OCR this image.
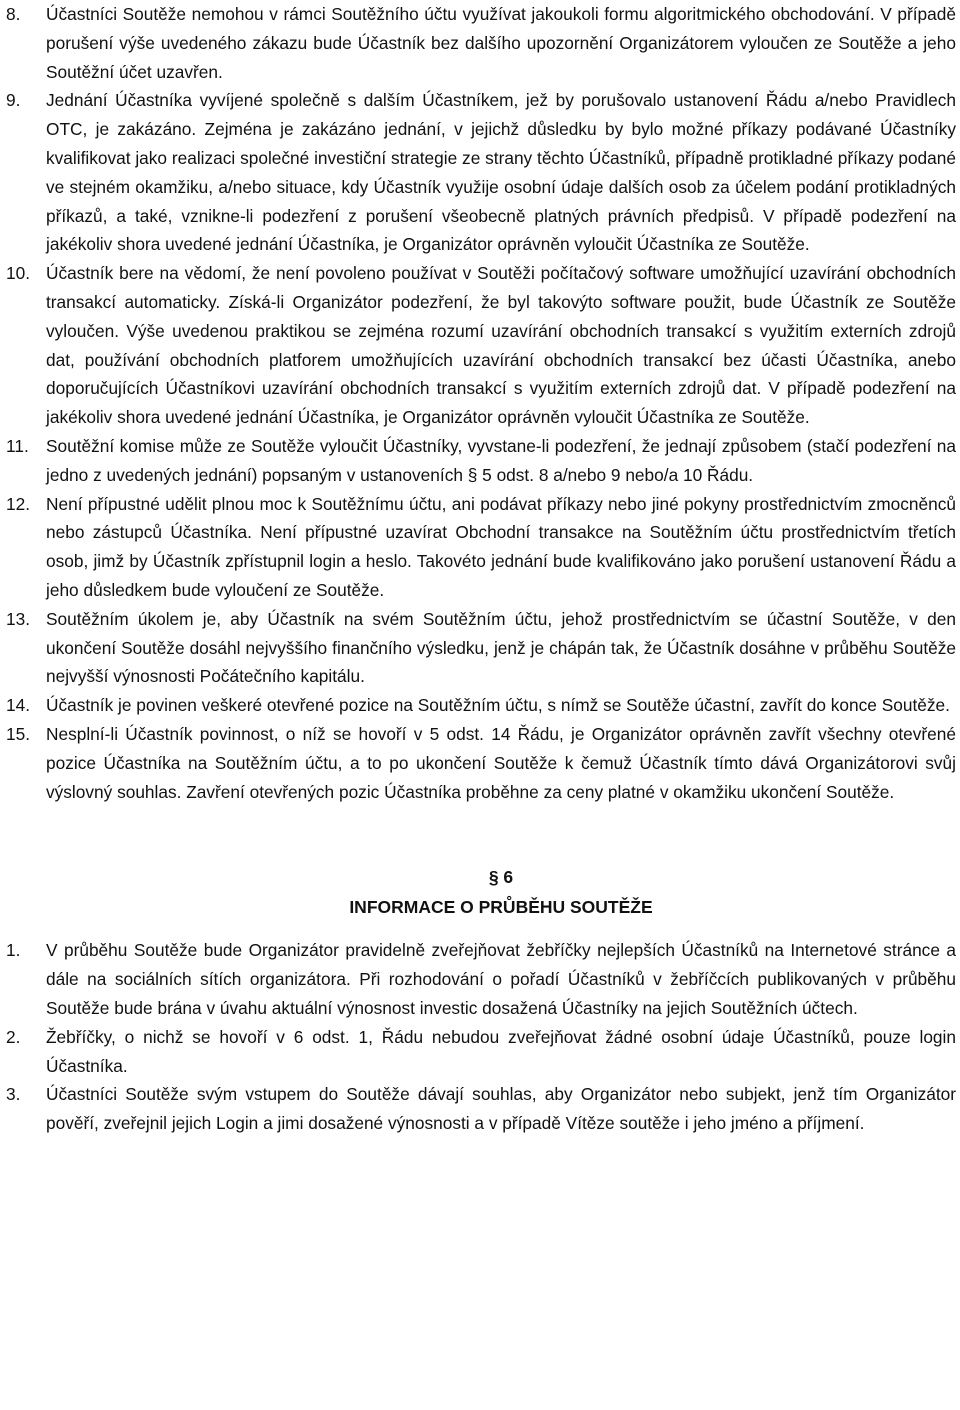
8.	Účastníci Soutěže nemohou v rámci Soutěžního účtu využívat jakoukoli formu algoritmického obchodování. V případě porušení výše uvedeného zákazu bude Účastník bez dalšího upozornění Organizátorem vyloučen ze Soutěže a jeho Soutěžní účet uzavřen.
9.	Jednání Účastníka vyvíjené společně s dalším Účastníkem, jež by porušovalo ustanovení Řádu a/nebo Pravidlech OTC, je zakázáno. Zejména je zakázáno jednání, v jejichž důsledku by bylo možné příkazy podávané Účastníky kvalifikovat jako realizaci společné investiční strategie ze strany těchto Účastníků, případně protikladné příkazy podané ve stejném okamžiku, a/nebo situace, kdy Účastník využije osobní údaje dalších osob za účelem podání protikladných příkazů, a také, vznikne-li podezření z porušení všeobecně platných právních předpisů. V případě podezření na jakékoliv shora uvedené jednání Účastníka, je Organizátor oprávněn vyloučit Účastníka ze Soutěže.
10. Účastník bere na vědomí, že není povoleno používat v Soutěži počítačový software umožňující uzavírání obchodních transakcí automaticky. Získá-li Organizátor podezření, že byl takovýto software použit, bude Účastník ze Soutěže vyloučen. Výše uvedenou praktikou se zejména rozumí uzavírání obchodních transakcí s využitím externích zdrojů dat, používání obchodních platforem umožňujících uzavírání obchodních transakcí bez účasti Účastníka, anebo doporučujících Účastníkovi uzavírání obchodních transakcí s využitím externích zdrojů dat. V případě podezření na jakékoliv shora uvedené jednání Účastníka, je Organizátor oprávněn vyloučit Účastníka ze Soutěže.
11. Soutěžní komise může ze Soutěže vyloučit Účastníky, vyvstane-li podezření, že jednají způsobem (stačí podezření na jedno z uvedených jednání) popsaným v ustanoveních § 5 odst. 8 a/nebo 9 nebo/a 10 Řádu.
12. Není přípustné udělit plnou moc k Soutěžnímu účtu, ani podávat příkazy nebo jiné pokyny prostřednictvím zmocněnců nebo zástupců Účastníka. Není přípustné uzavírat Obchodní transakce na Soutěžním účtu prostřednictvím třetích osob, jimž by Účastník zpřístupnil login a heslo. Takovéto jednání bude kvalifikováno jako porušení ustanovení Řádu a jeho důsledkem bude vyloučení ze Soutěže.
13. Soutěžním úkolem je, aby Účastník na svém Soutěžním účtu, jehož prostřednictvím se účastní Soutěže, v den ukončení Soutěže dosáhl nejvyššího finančního výsledku, jenž je chápán tak, že Účastník dosáhne v průběhu Soutěže nejvyšší výnosnosti Počátečního kapitálu.
14. Účastník je povinen veškeré otevřené pozice na Soutěžním účtu, s nímž se Soutěže účastní, zavřít do konce Soutěže.
15. Nesplní-li Účastník povinnost, o níž se hovoří v 5 odst. 14 Řádu, je Organizátor oprávněn zavřít všechny otevřené pozice Účastníka na Soutěžním účtu, a to po ukončení Soutěže k čemuž Účastník tímto dává Organizátorovi svůj výslovný souhlas. Zavření otevřených pozic Účastníka proběhne za ceny platné v okamžiku ukončení Soutěže.
§ 6
INFORMACE O PRŮBĚHU SOUTĚŽE
1.	V průběhu Soutěže bude Organizátor pravidelně zveřejňovat žebříčky nejlepších Účastníků na Internetové stránce a dále na sociálních sítích organizátora. Při rozhodování o pořadí Účastníků v žebříčcích publikovaných v průběhu Soutěže bude brána v úvahu aktuální výnosnost investic dosažená Účastníky na jejich Soutěžních účtech.
2.	Žebříčky, o nichž se hovoří v 6 odst. 1, Řádu nebudou zveřejňovat žádné osobní údaje Účastníků, pouze login Účastníka.
3.	Účastníci Soutěže svým vstupem do Soutěže dávají souhlas, aby Organizátor nebo subjekt, jenž tím Organizátor pověří, zveřejnil jejich Login a jimi dosažené výnosnosti a v případě Vítěze soutěže i jeho jméno a příjmení.
